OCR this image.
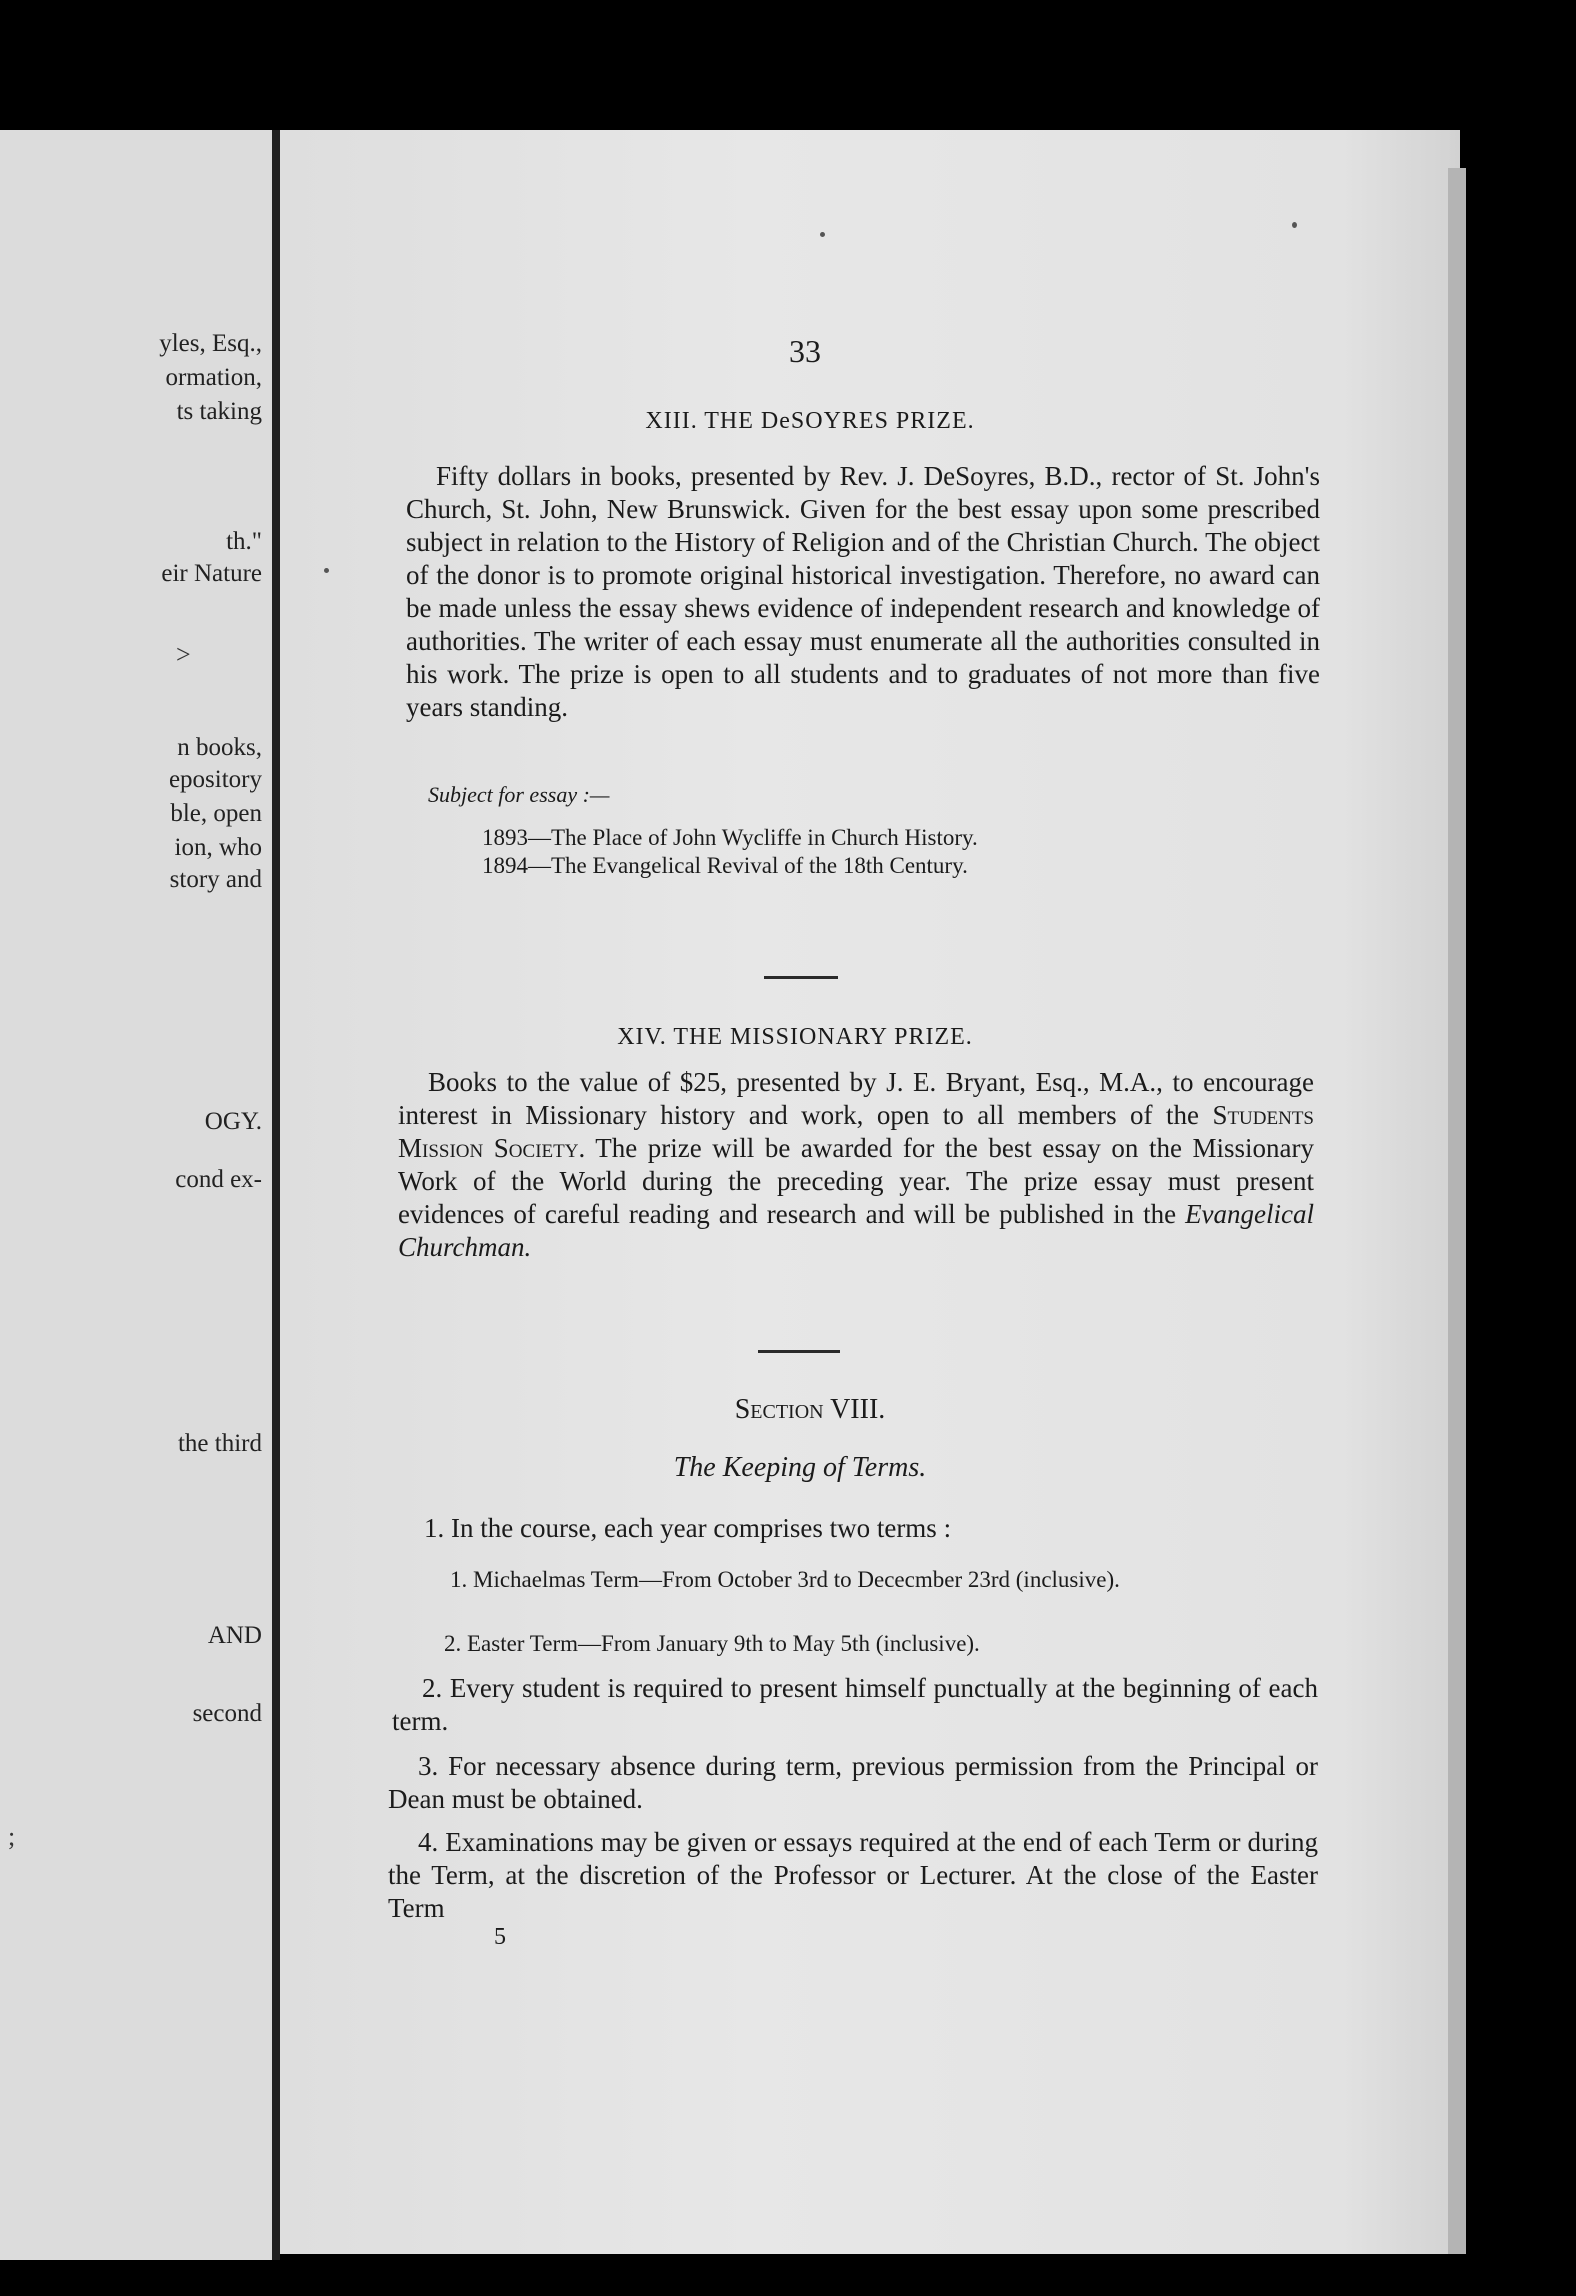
yles, Esq.,
ormation,
ts taking
th."
eir Nature
n books,
epository
ble, open
ion, who
story and
OGY.
cond ex-
the third
AND
second
>
;
33
XIII. THE DeSOYRES PRIZE.
Fifty dollars in books, presented by Rev. J. DeSoyres, B.D., rector of St. John's Church, St. John, New Brunswick. Given for the best essay upon some prescribed subject in relation to the History of Religion and of the Christian Church. The object of the donor is to promote original historical investigation. Therefore, no award can be made unless the essay shews evidence of independent research and knowledge of authorities. The writer of each essay must enumerate all the authorities consulted in his work. The prize is open to all students and to graduates of not more than five years standing.
Subject for essay :—
1893—The Place of John Wycliffe in Church History.
1894—The Evangelical Revival of the 18th Century.
XIV. THE MISSIONARY PRIZE.
Books to the value of $25, presented by J. E. Bryant, Esq., M.A., to encourage interest in Missionary history and work, open to all members of the Students Mission Society. The prize will be awarded for the best essay on the Missionary Work of the World during the preceding year. The prize essay must present evidences of careful reading and research and will be published in the Evangelical Churchman.
Section VIII.
The Keeping of Terms.
1. In the course, each year comprises two terms :
1. Michaelmas Term—From October 3rd to Dececmber 23rd (inclusive).
2. Easter Term—From January 9th to May 5th (inclusive).
2. Every student is required to present himself punctually at the beginning of each term.
3. For necessary absence during term, previous permission from the Principal or Dean must be obtained.
4. Examinations may be given or essays required at the end of each Term or during the Term, at the discretion of the Professor or Lecturer. At the close of the Easter Term
5
